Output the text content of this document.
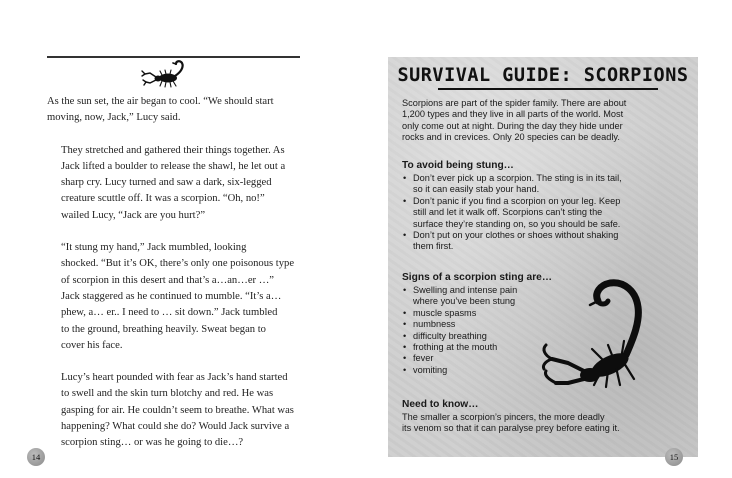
As the sun set, the air began to cool. “We should start
moving, now, Jack,” Lucy said.

They stretched and gathered their things together. As
Jack lifted a boulder to release the shawl, he let out a
sharp cry. Lucy turned and saw a dark, six-legged
creature scuttle off. It was a scorpion. “Oh, no!”
wailed Lucy, “Jack are you hurt?”

“It stung my hand,” Jack mumbled, looking
shocked. “But it’s OK, there’s only one poisonous type
of scorpion in this desert and that’s a…an…er …”
Jack staggered as he continued to mumble. “It’s a…
phew, a… er.. I need to … sit down.” Jack tumbled
to the ground, breathing heavily. Sweat began to
cover his face.

Lucy’s heart pounded with fear as Jack’s hand started
to swell and the skin turn blotchy and red. He was
gasping for air. He couldn’t seem to breathe. What was
happening? What could she do? Would Jack survive a
scorpion sting… or was he going to die…?

14
SURVIVAL GUIDE: SCORPIONS
Scorpions are part of the spider family. There are about
1,200 types and they live in all parts of the world. Most
only come out at night. During the day they hide under
rocks and in crevices. Only 20 species can be deadly.
To avoid being stung…
• Don’t ever pick up a scorpion. The sting is in its tail,
so it can easily stab your hand.
• Don’t panic if you find a scorpion on your leg. Keep
still and let it walk off. Scorpions can’t sting the
surface they’re standing on, so you should be safe.
• Don’t put on your clothes or shoes without shaking
them first.
Signs of a scorpion sting are…
• Swelling and intense pain
where you’ve been stung
• muscle spasms
• numbness
• difficulty breathing
• frothing at the mouth
• fever
• vomiting
Need to know…
The smaller a scorpion’s pincers, the more deadly
its venom so that it can paralyse prey before eating it.
15
